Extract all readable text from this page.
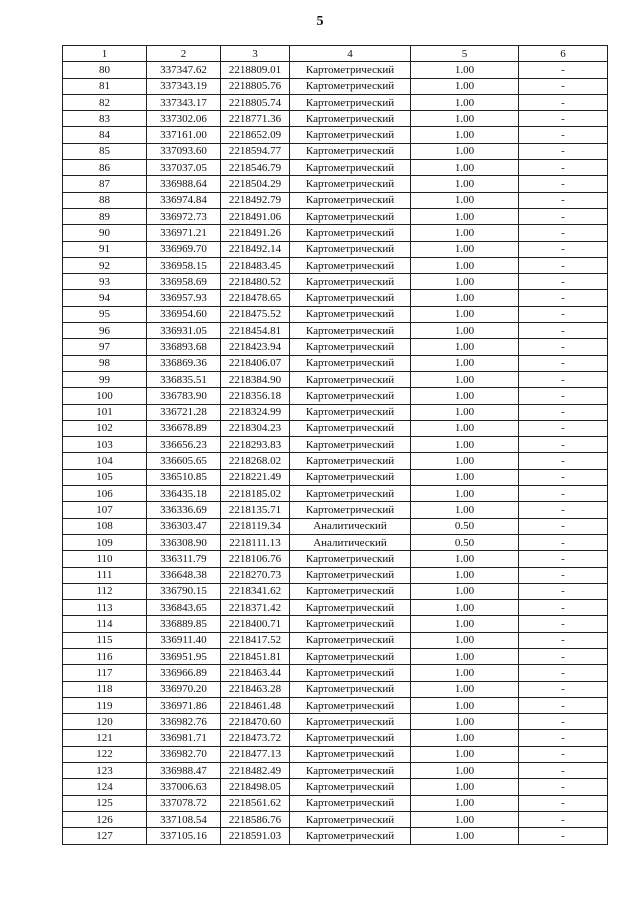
5
1	2	3	4	5	6
80	337347.62	2218809.01	Картометрический	1.00	-
81	337343.19	2218805.76	Картометрический	1.00	-
82	337343.17	2218805.74	Картометрический	1.00	-
83	337302.06	2218771.36	Картометрический	1.00	-
84	337161.00	2218652.09	Картометрический	1.00	-
85	337093.60	2218594.77	Картометрический	1.00	-
86	337037.05	2218546.79	Картометрический	1.00	-
87	336988.64	2218504.29	Картометрический	1.00	-
88	336974.84	2218492.79	Картометрический	1.00	-
89	336972.73	2218491.06	Картометрический	1.00	-
90	336971.21	2218491.26	Картометрический	1.00	-
91	336969.70	2218492.14	Картометрический	1.00	-
92	336958.15	2218483.45	Картометрический	1.00	-
93	336958.69	2218480.52	Картометрический	1.00	-
94	336957.93	2218478.65	Картометрический	1.00	-
95	336954.60	2218475.52	Картометрический	1.00	-
96	336931.05	2218454.81	Картометрический	1.00	-
97	336893.68	2218423.94	Картометрический	1.00	-
98	336869.36	2218406.07	Картометрический	1.00	-
99	336835.51	2218384.90	Картометрический	1.00	-
100	336783.90	2218356.18	Картометрический	1.00	-
101	336721.28	2218324.99	Картометрический	1.00	-
102	336678.89	2218304.23	Картометрический	1.00	-
103	336656.23	2218293.83	Картометрический	1.00	-
104	336605.65	2218268.02	Картометрический	1.00	-
105	336510.85	2218221.49	Картометрический	1.00	-
106	336435.18	2218185.02	Картометрический	1.00	-
107	336336.69	2218135.71	Картометрический	1.00	-
108	336303.47	2218119.34	Аналитический	0.50	-
109	336308.90	2218111.13	Аналитический	0.50	-
110	336311.79	2218106.76	Картометрический	1.00	-
111	336648.38	2218270.73	Картометрический	1.00	-
112	336790.15	2218341.62	Картометрический	1.00	-
113	336843.65	2218371.42	Картометрический	1.00	-
114	336889.85	2218400.71	Картометрический	1.00	-
115	336911.40	2218417.52	Картометрический	1.00	-
116	336951.95	2218451.81	Картометрический	1.00	-
117	336966.89	2218463.44	Картометрический	1.00	-
118	336970.20	2218463.28	Картометрический	1.00	-
119	336971.86	2218461.48	Картометрический	1.00	-
120	336982.76	2218470.60	Картометрический	1.00	-
121	336981.71	2218473.72	Картометрический	1.00	-
122	336982.70	2218477.13	Картометрический	1.00	-
123	336988.47	2218482.49	Картометрический	1.00	-
124	337006.63	2218498.05	Картометрический	1.00	-
125	337078.72	2218561.62	Картометрический	1.00	-
126	337108.54	2218586.76	Картометрический	1.00	-
127	337105.16	2218591.03	Картометрический	1.00	-
